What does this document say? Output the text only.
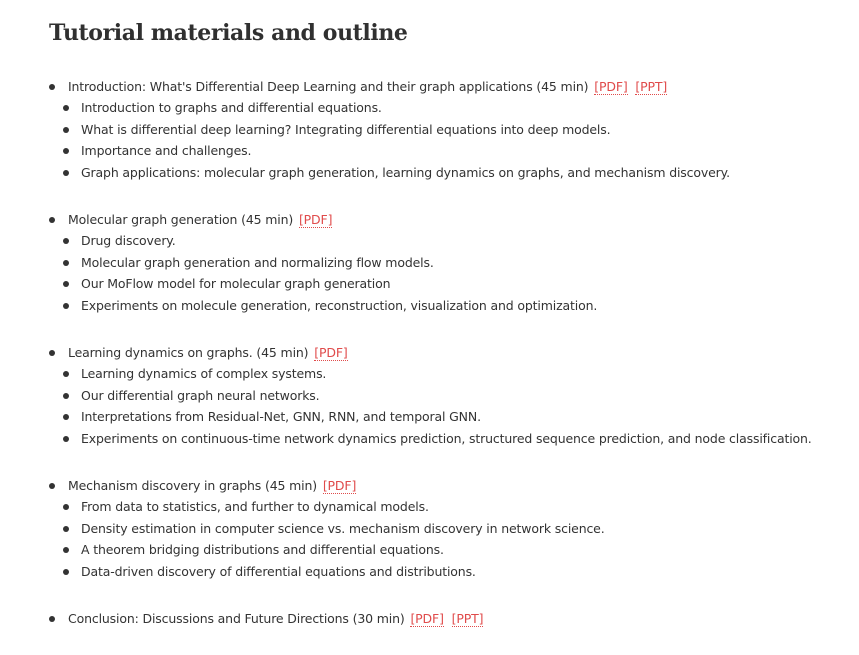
Tutorial materials and outline
Introduction: What's Differential Deep Learning and their graph applications (45 min) [PDF] [PPT]
Introduction to graphs and differential equations.
What is differential deep learning? Integrating differential equations into deep models.
Importance and challenges.
Graph applications: molecular graph generation, learning dynamics on graphs, and mechanism discovery.
Molecular graph generation (45 min) [PDF]
Drug discovery.
Molecular graph generation and normalizing flow models.
Our MoFlow model for molecular graph generation
Experiments on molecule generation, reconstruction, visualization and optimization.
Learning dynamics on graphs. (45 min) [PDF]
Learning dynamics of complex systems.
Our differential graph neural networks.
Interpretations from Residual-Net, GNN, RNN, and temporal GNN.
Experiments on continuous-time network dynamics prediction, structured sequence prediction, and node classification.
Mechanism discovery in graphs (45 min) [PDF]
From data to statistics, and further to dynamical models.
Density estimation in computer science vs. mechanism discovery in network science.
A theorem bridging distributions and differential equations.
Data-driven discovery of differential equations and distributions.
Conclusion: Discussions and Future Directions (30 min) [PDF] [PPT]
